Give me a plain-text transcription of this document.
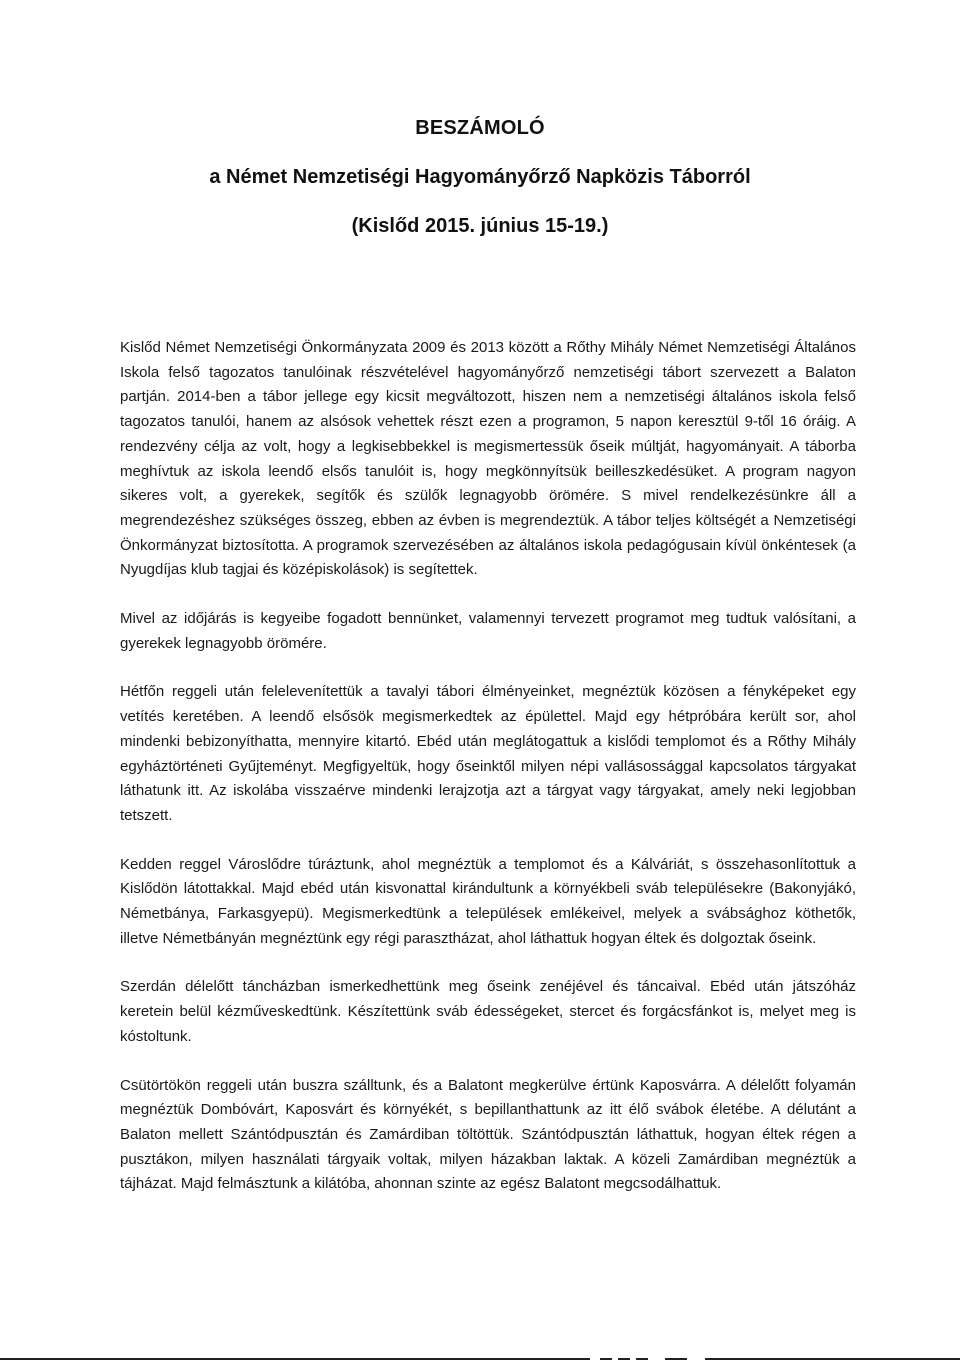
BESZÁMOLÓ
a Német Nemzetiségi Hagyományőrző Napközis Táborról
(Kislőd 2015. június 15-19.)

Kislőd Német Nemzetiségi Önkormányzata 2009 és 2013 között a Rőthy Mihály Német Nemzetiségi Általános Iskola felső tagozatos tanulóinak részvételével hagyományőrző nemzetiségi tábort szervezett a Balaton partján. 2014-ben a tábor jellege egy kicsit megváltozott, hiszen nem a nemzetiségi általános iskola felső tagozatos tanulói, hanem az alsósok vehettek részt ezen a programon, 5 napon keresztül 9-től 16 óráig. A rendezvény célja az volt, hogy a legkisebbekkel is megismertessük őseik múltját, hagyományait. A táborba meghívtuk az iskola leendő elsős tanulóit is, hogy megkönnyítsük beilleszkedésüket. A program nagyon sikeres volt, a gyerekek, segítők és szülők legnagyobb örömére. S mivel rendelkezésünkre áll a megrendezéshez szükséges összeg, ebben az évben is megrendeztük. A tábor teljes költségét a Nemzetiségi Önkormányzat biztosította. A programok szervezésében az általános iskola pedagógusain kívül önkéntesek (a Nyugdíjas klub tagjai és középiskolások) is segítettek.

Mivel az időjárás is kegyeibe fogadott bennünket, valamennyi tervezett programot meg tudtuk valósítani, a gyerekek legnagyobb örömére.

Hétfőn reggeli után felelevenítettük a tavalyi tábori élményeinket, megnéztük közösen a fényképeket egy vetítés keretében. A leendő elsősök megismerkedtek az épülettel. Majd egy hétpróbára került sor, ahol mindenki bebizonyíthatta, mennyire kitartó. Ebéd után meglátogattuk a kislődi templomot és a Rőthy Mihály egyháztörténeti Gyűjteményt. Megfigyeltük, hogy őseinktől milyen népi vallásossággal kapcsolatos tárgyakat láthatunk itt. Az iskolába visszaérve mindenki lerajzotja azt a tárgyat vagy tárgyakat, amely neki legjobban tetszett.

Kedden reggel Városlődre túráztunk, ahol megnéztük a templomot és a Kálváriát, s összehasonlítottuk a Kislődön látottakkal. Majd ebéd után kisvonattal kirándultunk a környékbeli sváb településekre (Bakonyjákó, Németbánya, Farkasgyepü). Megismerkedtünk a települések emlékeivel, melyek a svábsághoz köthetők, illetve Németbányán megnéztünk egy régi parasztházat, ahol láthattuk hogyan éltek és dolgoztak őseink.

Szerdán délelőtt táncházban ismerkedhettünk meg őseink zenéjével és táncaival. Ebéd után játszóház keretein belül kézműveskedtünk. Készítettünk sváb édességeket, stercet és forgácsfánkot is, melyet meg is kóstoltunk.

Csütörtökön reggeli után buszra szálltunk, és a Balatont megkerülve értünk Kaposvárra. A délelőtt folyamán megnéztük Dombóvárt, Kaposvárt és környékét, s bepillanthattunk az itt élő svábok életébe. A délutánt a Balaton mellett Szántódpusztán és Zamárdiban töltöttük. Szántódpusztán láthattuk, hogyan éltek régen a pusztákon, milyen használati tárgyaik voltak, milyen házakban laktak. A közeli Zamárdiban megnéztük a tájházat. Majd felmásztunk a kilátóba, ahonnan szinte az egész Balatont megcsodálhattuk.
